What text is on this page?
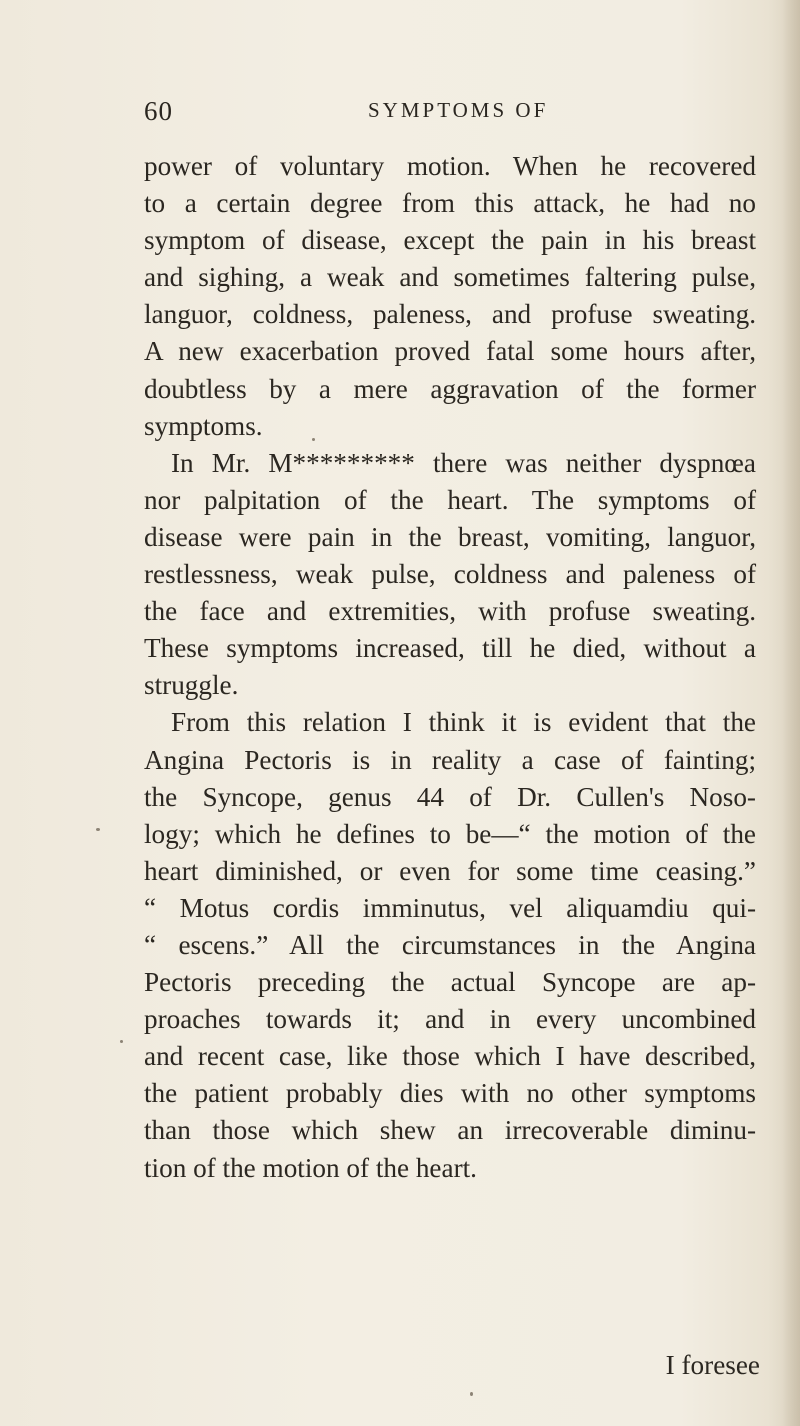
60	SYMPTOMS OF
power of voluntary motion. When he recovered
to a certain degree from this attack, he had no
symptom of disease, except the pain in his breast
and sighing, a weak and sometimes faltering pulse,
languor, coldness, paleness, and profuse sweating.
A new exacerbation proved fatal some hours after,
doubtless by a mere aggravation of the former
symptoms.
In Mr. M********* there was neither dyspnœa
nor palpitation of the heart. The symptoms of
disease were pain in the breast, vomiting, languor,
restlessness, weak pulse, coldness and paleness of
the face and extremities, with profuse sweating.
These symptoms increased, till he died, without a
struggle.
From this relation I think it is evident that the
Angina Pectoris is in reality a case of fainting;
the Syncope, genus 44 of Dr. Cullen's Noso-
logy; which he defines to be—“ the motion of the
heart diminished, or even for some time ceasing.”
“ Motus cordis imminutus, vel aliquamdiu qui-
“ escens.” All the circumstances in the Angina
Pectoris preceding the actual Syncope are ap-
proaches towards it; and in every uncombined
and recent case, like those which I have described,
the patient probably dies with no other symptoms
than those which shew an irrecoverable diminu-
tion of the motion of the heart.
I foresee
